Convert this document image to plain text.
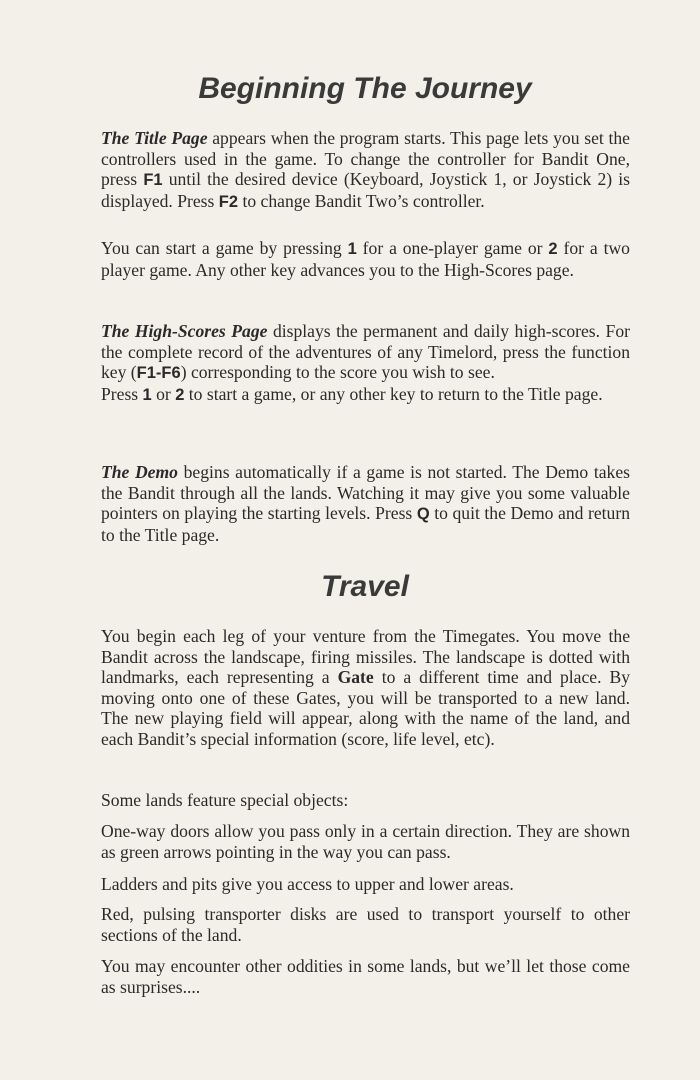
Beginning The Journey

The Title Page appears when the program starts. This page lets you set the controllers used in the game. To change the controller for Bandit One, press F1 until the desired device (Keyboard, Joystick 1, or Joystick 2) is displayed. Press F2 to change Bandit Two’s controller.

You can start a game by pressing 1 for a one-player game or 2 for a two player game. Any other key advances you to the High-Scores page.

The High-Scores Page displays the permanent and daily high-scores. For the complete record of the adventures of any Timelord, press the function key (F1-F6) corresponding to the score you wish to see.
Press 1 or 2 to start a game, or any other key to return to the Title page.

The Demo begins automatically if a game is not started. The Demo takes the Bandit through all the lands. Watching it may give you some valuable pointers on playing the starting levels. Press Q to quit the Demo and return to the Title page.

Travel

You begin each leg of your venture from the Timegates. You move the Bandit across the landscape, firing missiles. The landscape is dotted with landmarks, each representing a Gate to a different time and place. By moving onto one of these Gates, you will be transported to a new land. The new playing field will appear, along with the name of the land, and each Bandit’s special information (score, life level, etc).

Some lands feature special objects:

One-way doors allow you pass only in a certain direction. They are shown as green arrows pointing in the way you can pass.

Ladders and pits give you access to upper and lower areas.

Red, pulsing transporter disks are used to transport yourself to other sections of the land.

You may encounter other oddities in some lands, but we’ll let those come as surprises....
